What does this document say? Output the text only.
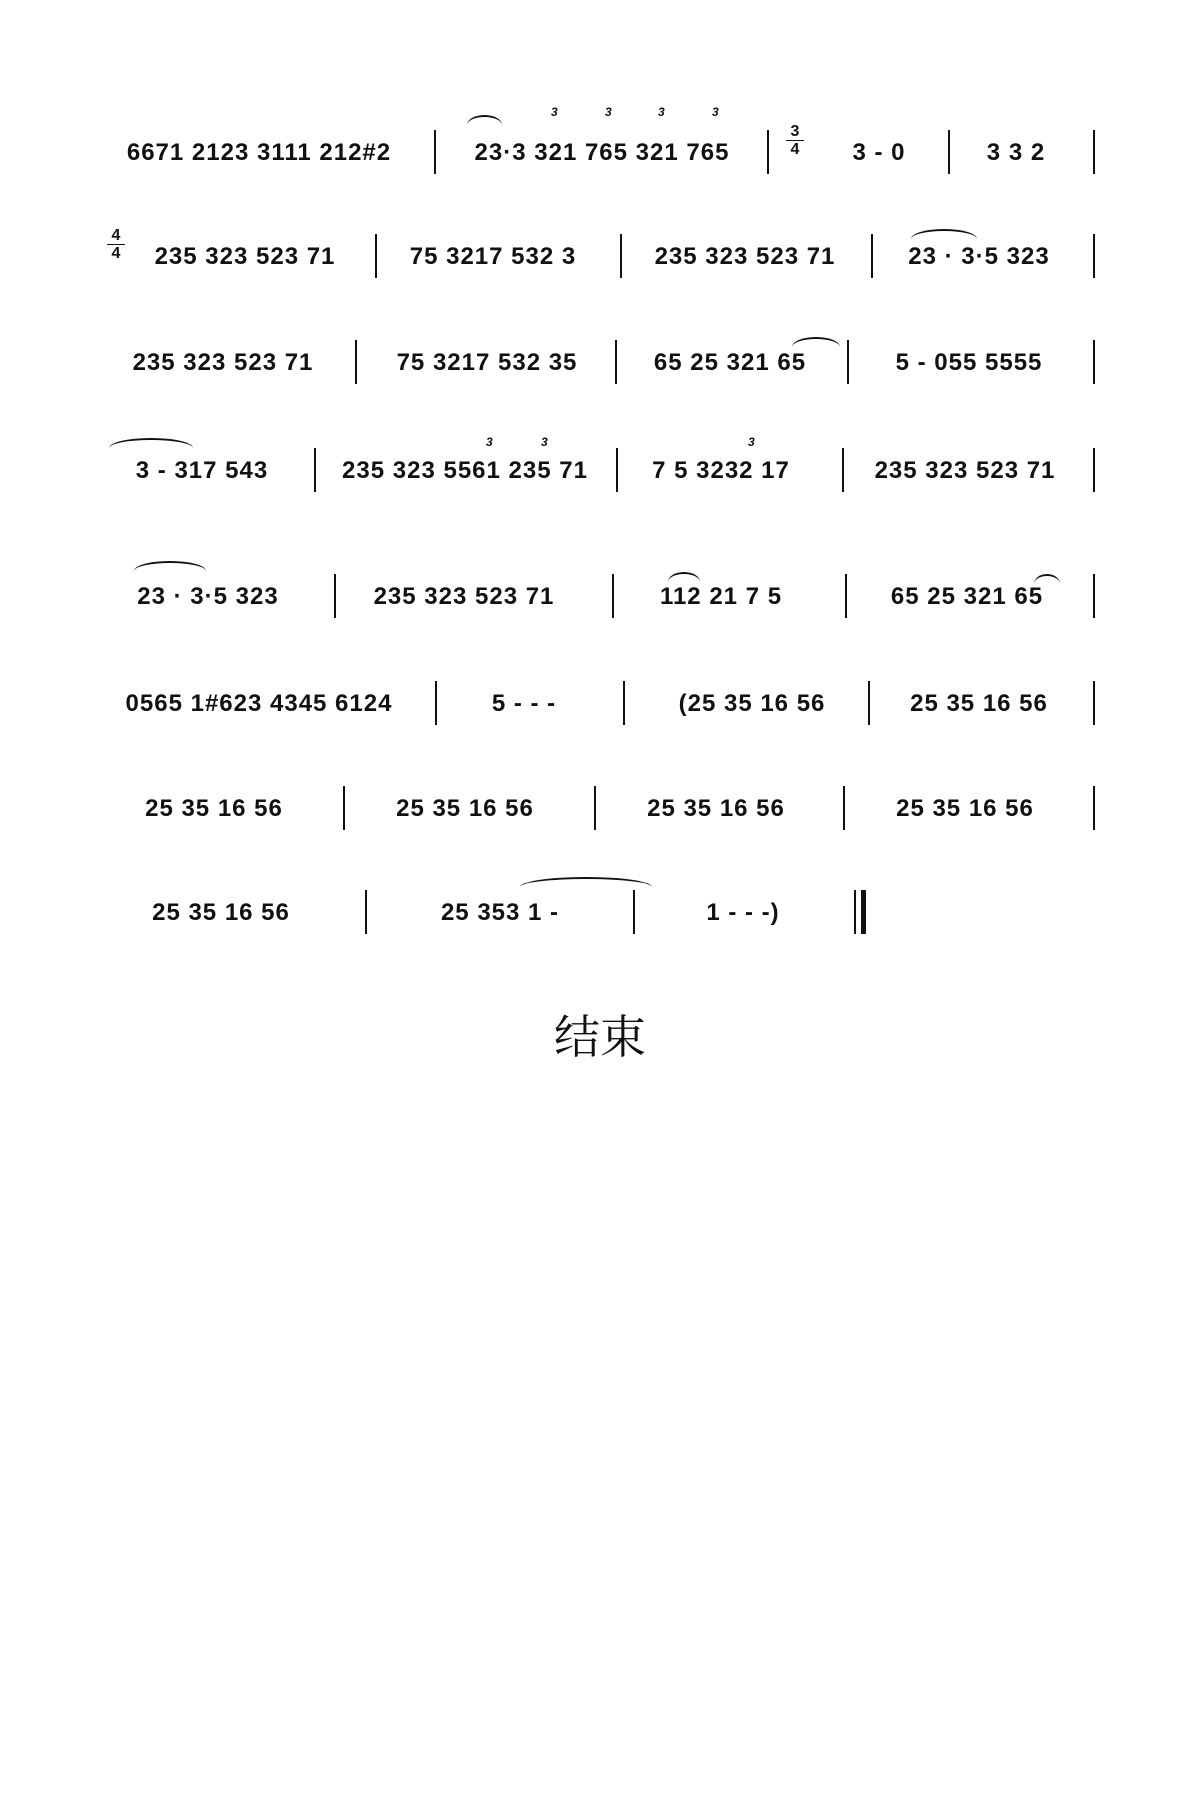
6671 2123 3111 212#2	23·3 321 765 321 765
3	3	3	3
3
4	3 - 0	3 3 2
4
4	235 323 523 71	75 3217 532 3	235 323 523 71	23 · 3·5 323
235 323 523 71	75 3217 532 35	65 25 321 65	5 - 055 5555
3 - 317 543	235 323 5561 235 71
3	3
7 5 3232 17
3
235 323 523 71
23 · 3·5 323	235 323 523 71	112 21 7 5	65 25 321 65
0565 1#623 4345 6124	5 - - -	(25 35 16 56	25 35 16 56
25 35 16 56	25 35 16 56	25 35 16 56	25 35 16 56
25 35 16 56	25 353 1 -	1 - - -)
结束
